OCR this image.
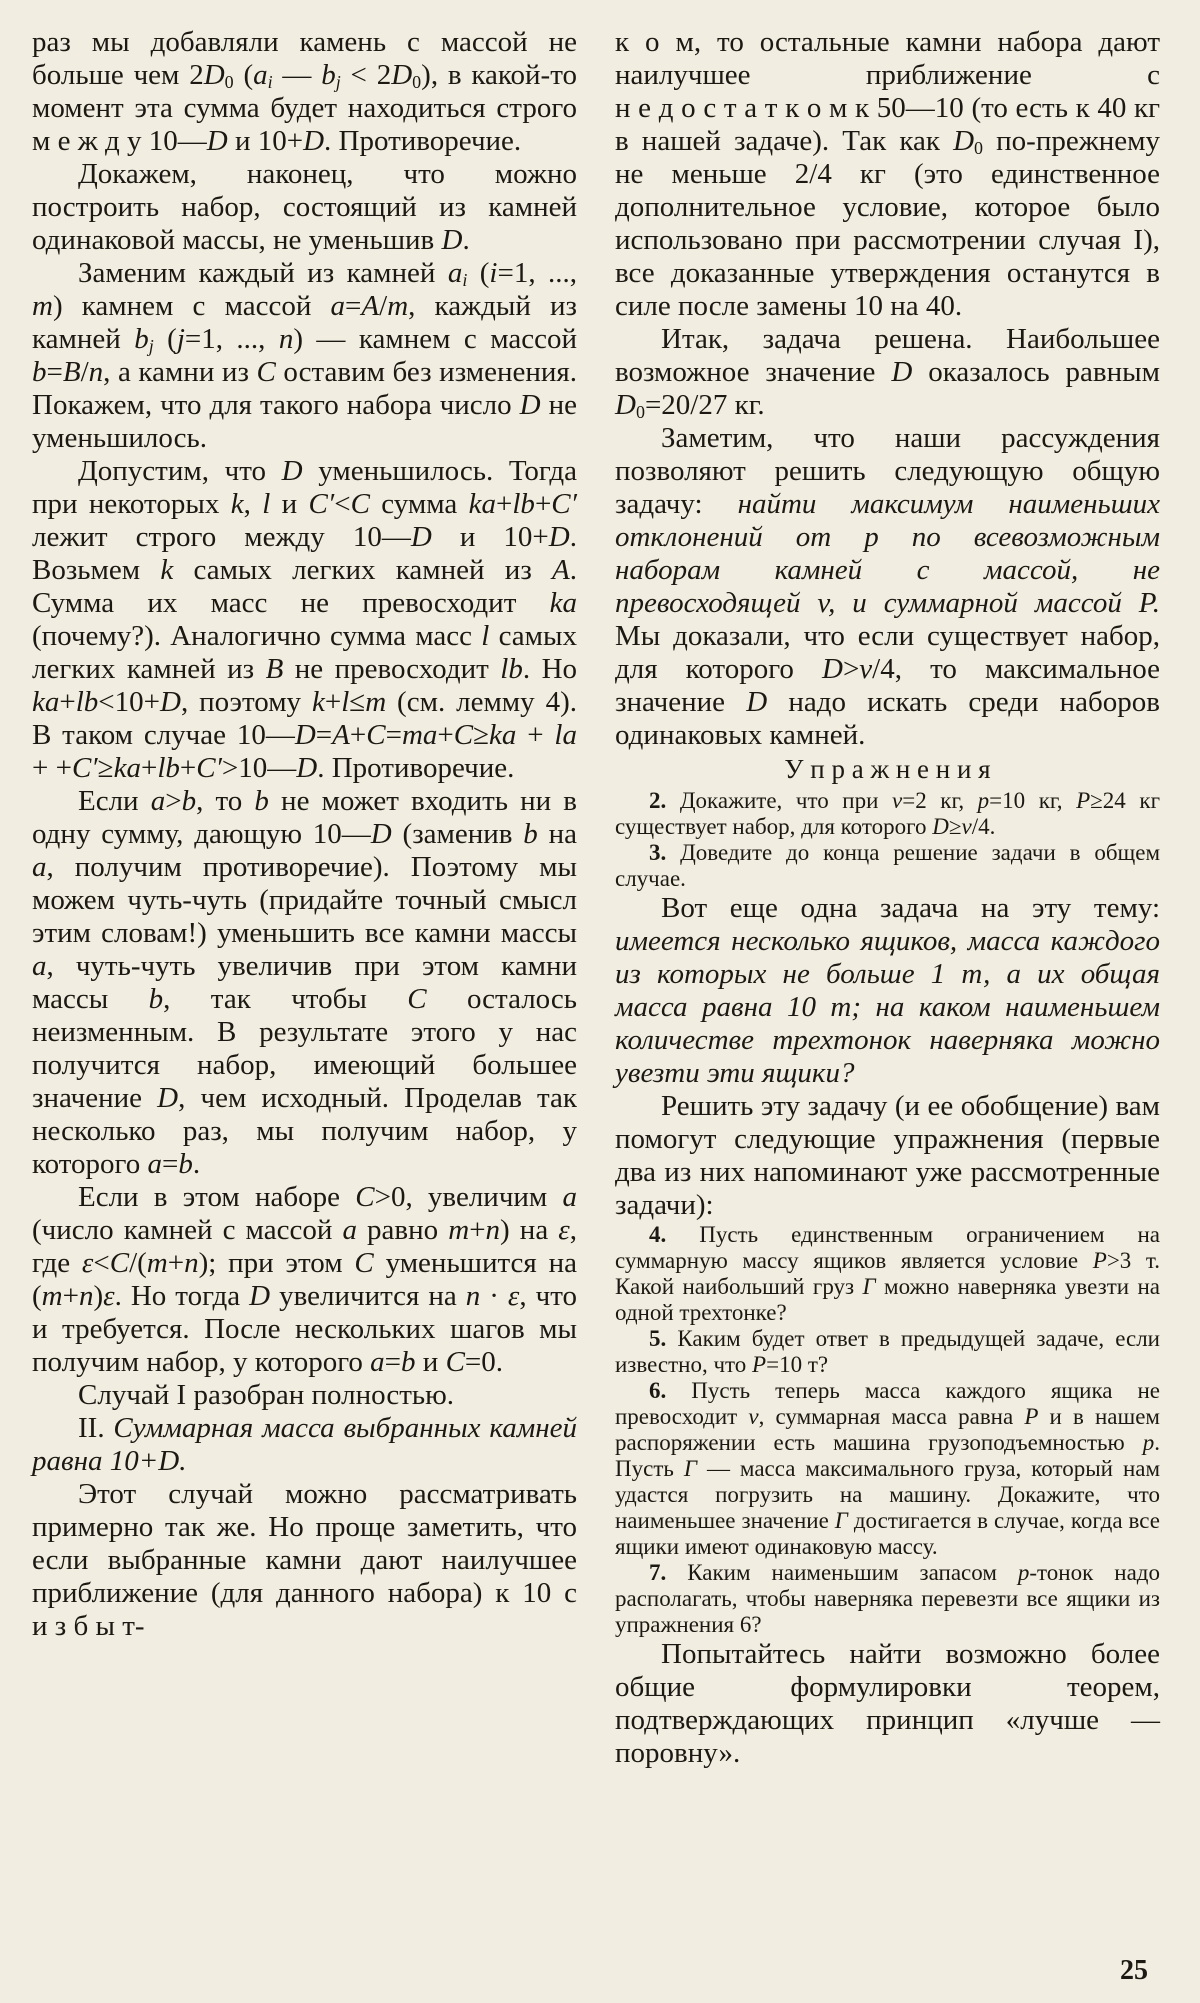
раз мы добавляли камень с массой не больше чем $2D_0$ ($a_i$ — $b_j < 2D_0$), в какой-то момент эта сумма будет находиться строго м е ж д у 10—D и 10+D. Противоречие.

Докажем, наконец, что можно построить набор, состоящий из камней одинаковой массы, не уменьшив D.

Заменим каждый из камней $a_i$ (i=1, ..., m) камнем с массой a=A/m, каждый из камней $b_j$ (j=1, ..., n) — камнем с массой b=B/n, а камни из C оставим без изменения. Покажем, что для такого набора число D не уменьшилось.

Допустим, что D уменьшилось. Тогда при некоторых k, l и C′<C сумма ka+lb+C′ лежит строго между 10—D и 10+D. Возьмем k самых легких камней из A. Сумма их масс не превосходит ka (почему?). Аналогично сумма масс l самых легких камней из B не превосходит lb. Но ka+lb<10+D, поэтому k+l≤m (см. лемму 4). В таком случае 10—D=A+C=ma+C≥ka + la + +C′≥ka+lb+C′>10—D. Противоречие.

Если a>b, то b не может входить ни в одну сумму, дающую 10—D (заменив b на a, получим противоречие). Поэтому мы можем чуть-чуть (придайте точный смысл этим словам!) уменьшить все камни массы a, чуть-чуть увеличив при этом камни массы b, так чтобы C осталось неизменным. В результате этого у нас получится набор, имеющий большее значение D, чем исходный. Проделав так несколько раз, мы получим набор, у которого a=b.

Если в этом наборе C>0, увеличим a (число камней с массой a равно m+n) на ε, где ε<C/(m+n); при этом C уменьшится на (m+n)ε. Но тогда D увеличится на n · ε, что и требуется. После нескольких шагов мы получим набор, у которого a=b и C=0.

Случай I разобран полностью.

II. Суммарная масса выбранных камней равна 10+D.

Этот случай можно рассматривать примерно так же. Но проще заметить, что если выбранные камни дают наилучшее приближение (для данного набора) к 10 с и з б ы т-

к о м, то остальные камни набора дают наилучшее приближение с н е д о с т а т к о м к 50—10 (то есть к 40 кг в нашей задаче). Так как $D_0$ по-прежнему не меньше 2/4 кг (это единственное дополнительное условие, которое было использовано при рассмотрении случая I), все доказанные утверждения останутся в силе после замены 10 на 40.

Итак, задача решена. Наибольшее возможное значение D оказалось равным $D_0=20/27$ кг.

Заметим, что наши рассуждения позволяют решить следующую общую задачу: найти максимум наименьших отклонений от p по всевозможным наборам камней с массой, не превосходящей v, и суммарной массой P. Мы доказали, что если существует набор, для которого D>v/4, то максимальное значение D надо искать среди наборов одинаковых камней.

У п р а ж н е н и я

2. Докажите, что при v=2 кг, p=10 кг, P≥24 кг существует набор, для которого D≥v/4.

3. Доведите до конца решение задачи в общем случае.

Вот еще одна задача на эту тему: имеется несколько ящиков, масса каждого из которых не больше 1 т, а их общая масса равна 10 т; на каком наименьшем количестве трехтонок наверняка можно увезти эти ящики?

Решить эту задачу (и ее обобщение) вам помогут следующие упражнения (первые два из них напоминают уже рассмотренные задачи):

4. Пусть единственным ограничением на суммарную массу ящиков является условие P>3 т. Какой наибольший груз Γ можно наверняка увезти на одной трехтонке?

5. Каким будет ответ в предыдущей задаче, если известно, что P=10 т?

6. Пусть теперь масса каждого ящика не превосходит v, суммарная масса равна P и в нашем распоряжении есть машина грузоподъемностью p. Пусть Γ — масса максимального груза, который нам удастся погрузить на машину. Докажите, что наименьшее значение Γ достигается в случае, когда все ящики имеют одинаковую массу.

7. Каким наименьшим запасом p-тонок надо располагать, чтобы наверняка перевезти все ящики из упражнения 6?

Попытайтесь найти возможно более общие формулировки теорем, подтверждающих принцип «лучше — поровну».

25
